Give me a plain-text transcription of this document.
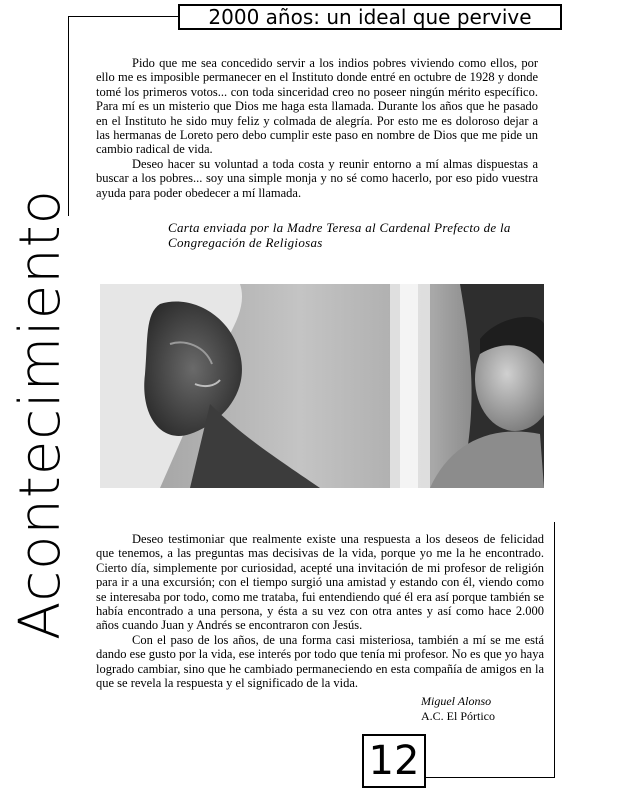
2000 años: un ideal que pervive
Acontecimiento

Pido que me sea concedido servir a los indios pobres viviendo como ellos, por ello me es imposible permanecer en el Instituto donde entré en octubre de 1928 y donde tomé los primeros votos... con toda sinceridad creo no poseer ningún mérito específico. Para mí es un misterio que Dios me haga esta llamada. Durante los años que he pasado en el Instituto he sido muy feliz y colmada de alegría. Por esto me es doloroso dejar a las hermanas de Loreto pero debo cumplir este paso en nombre de Dios que me pide un cambio radical de vida.

Deseo hacer su voluntad a toda costa y reunir entorno a mí almas dispuestas a buscar a los pobres... soy una simple monja y no sé como hacerlo, por eso pido vuestra ayuda para poder obedecer a mí llamada.

Carta enviada por la Madre Teresa al Cardenal Prefecto de la Congregación de Religiosas

Deseo testimoniar que realmente existe una respuesta a los deseos de felicidad que tenemos, a las preguntas mas decisivas de la vida, porque yo me la he encontrado. Cierto día, simplemente por curiosidad, acepté una invitación de mi profesor de religión para ir a una excursión; con el tiempo surgió una amistad y estando con él, viendo como se interesaba por todo, como me trataba, fui entendiendo qué él era así porque también se había encontrado a una persona, y ésta a su vez con otra antes y así como hace 2.000 años cuando Juan y Andrés se encontraron con Jesús.

Con el paso de los años, de una forma casi misteriosa, también a mí se me está dando ese gusto por la vida, ese interés por todo que tenía mi profesor. No es que yo haya logrado cambiar, sino que he cambiado permaneciendo en esta compañía de amigos en la que se revela la respuesta y el significado de la vida.

Miguel Alonso
A.C. El Pórtico
12
